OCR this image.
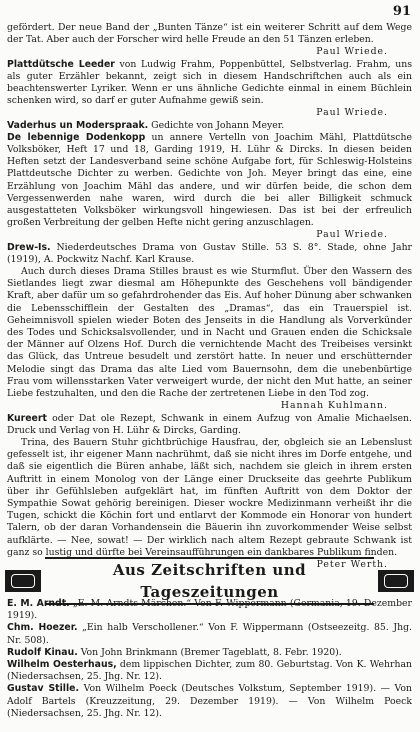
91

gefördert. Der neue Band der „Bunten Tänze“ ist ein weiterer Schritt auf dem Wege der Tat. Aber auch der Forscher wird helle Freude an den 51 Tänzen erleben.

Paul Wriede.

Plattdütsche Leeder von Ludwig Frahm, Poppenbüttel, Selbstverlag. Frahm, uns als guter Erzähler bekannt, zeigt sich in diesem Handschriftchen auch als ein beachtenswerter Lyriker. Wenn er uns ähnliche Gedichte einmal in einem Büchlein schenken wird, so darf er guter Aufnahme gewiß sein.

Paul Wriede.

Vaderhus un Moderspraak. Gedichte von Johann Meyer.

De lebennige Dodenkopp un annere Vertelln von Joachim Mähl, Plattdütsche Volksböker, Heft 17 und 18, Garding 1919, H. Lühr & Dircks. In diesen beiden Heften setzt der Landesverband seine schöne Aufgabe fort, für Schleswig-Holsteins Plattdeutsche Dichter zu werben. Gedichte von Joh. Meyer bringt das eine, eine Erzählung von Joachim Mähl das andere, und wir dürfen beide, die schon dem Vergessenwerden nahe waren, wird durch die bei aller Billigkeit schmuck ausgestatteten Volksböker wirkungsvoll hingewiesen. Das ist bei der erfreulich großen Verbreitung der gelben Hefte nicht gering anzuschlagen.

Paul Wriede.

Drew-Is. Niederdeutsches Drama von Gustav Stille. 53 S. 8°. Stade, ohne Jahr (1919), A. Pockwitz Nachf. Karl Krause.

Auch durch dieses Drama Stilles braust es wie Sturmflut. Über den Wassern des Sietlandes liegt zwar diesmal am Höhepunkte des Geschehens voll bändigender Kraft, aber dafür um so gefahrdrohender das Eis. Auf hoher Dünung aber schwanken die Lebensschifflein der Gestalten des „Dramas“, das ein Trauerspiel ist. Geheimnisvoll spielen wieder Boten des Jenseits in die Handlung als Vorverkünder des Todes und Schicksalsvollender, und in Nacht und Grauen enden die Schicksale der Männer auf Olzens Hof. Durch die vernichtende Macht des Treibeises versinkt das Glück, das Untreue besudelt und zerstört hatte. In neuer und erschütternder Melodie singt das Drama das alte Lied vom Bauernsohn, dem die unebenbürtige Frau vom willensstarken Vater verweigert wurde, der nicht den Mut hatte, an seiner Liebe festzuhalten, und den die Rache der zertretenen Liebe in den Tod zog.

Hannah Kuhlmann.

Kureert oder Dat ole Rezept, Schwank in einem Aufzug von Amalie Michaelsen. Druck und Verlag von H. Lühr & Dircks, Garding.

Trina, des Bauern Stuhr gichtbrüchige Hausfrau, der, obgleich sie an Lebenslust gefesselt ist, ihr eigener Mann nachrühmt, daß sie nicht ihres im Dorfe entgehe, und daß sie eigentlich die Büren anhabe, läßt sich, nachdem sie gleich in ihrem ersten Auftritt in einem Monolog von der Länge einer Druckseite das geehrte Publikum über ihr Gefühlsleben aufgeklärt hat, im fünften Auftritt von dem Doktor der Sympathie Sowat gehörig bereinigen. Dieser wockre Medizinmann verheißt ihr die Tugen, schickt die Köchin fort und entlarvt der Kommode ein Honorar von hundert Talern, ob der daran Vorhandensein die Bäuerin ihn zuvorkommender Weise selbst aufklärte. — Nee, sowat! — Der wirklich nach altem Rezept gebraute Schwank ist ganz so lustig und dürfte bei Vereinsaufführungen ein dankbares Publikum finden.

Peter Werth.

Aus Zeitschriften und Tageszeitungen

E. M. Arndt. „E. M. Arndts Märchen.“ Von F. Wippermann (Germania, 19. Dezember 1919).

Chm. Hoezer. „Ein halb Verschollener.“ Von F. Wippermann (Ostseezeitg. 85. Jhg. Nr. 508).

Rudolf Kinau. Von John Brinkmann (Bremer Tageblatt, 8. Febr. 1920).

Wilhelm Oesterhaus, dem lippischen Dichter, zum 80. Geburtstag. Von K. Wehrhan (Niedersachsen, 25. Jhg. Nr. 12).

Gustav Stille. Von Wilhelm Poeck (Deutsches Volkstum, September 1919). — Von Adolf Bartels (Kreuzzeitung, 29. Dezember 1919). — Von Wilhelm Poeck (Niedersachsen, 25. Jhg. Nr. 12).
